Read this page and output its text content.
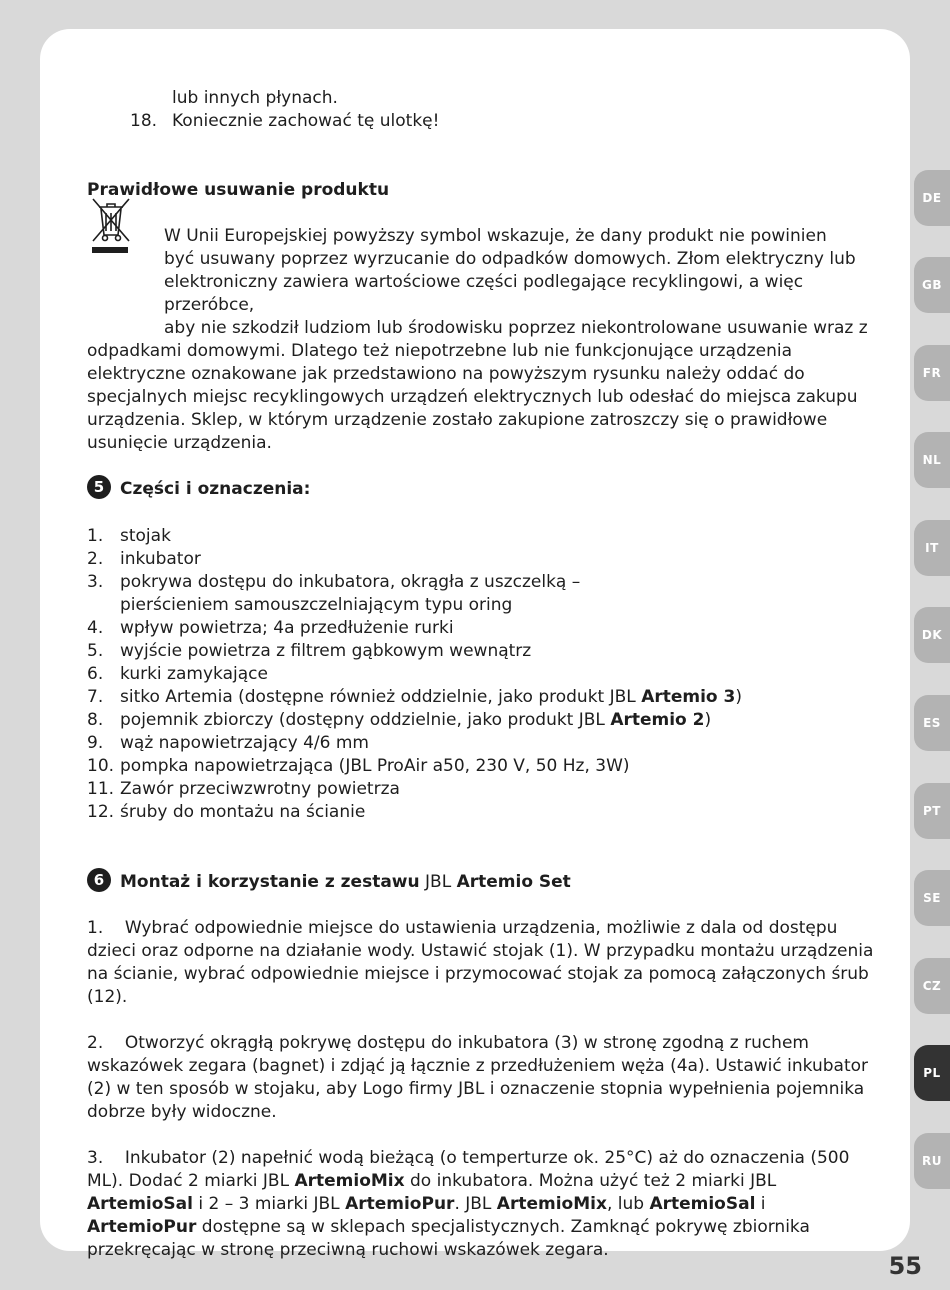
lub innych płynach.

18. Koniecznie zachować tę ulotkę!
Prawidłowe usuwanie produktu

W Unii Europejskiej powyższy symbol wskazuje, że dany produkt nie powinien

być usuwany poprzez wyrzucanie do odpadków domowych. Złom elektryczny lub

elektroniczny zawiera wartościowe części podlegające recyklingowi, a więc przeróbce,

aby nie szkodził ludziom lub środowisku poprzez niekontrolowane usuwanie wraz z

odpadkami domowymi. Dlatego też niepotrzebne lub nie funkcjonujące urządzenia elektryczne oznakowane jak przedstawiono na powyższym rysunku należy oddać do specjalnych miejsc recyklingowych urządzeń elektrycznych lub odesłać do miejsca zakupu urządzenia. Sklep, w którym urządzenie zostało zakupione zatroszczy się o prawidłowe usunięcie urządzenia.

5 Części i oznaczenia:
1. stojak
2. inkubator
3. pokrywa dostępu do inkubatora, okrągła z uszczelką – pierścieniem samouszczelniającym typu oring
4. wpływ powietrza; 4a przedłużenie rurki
5. wyjście powietrza z filtrem gąbkowym wewnątrz
6. kurki zamykające
7. sitko Artemia (dostępne również oddzielnie, jako produkt JBL Artemio 3)
8. pojemnik zbiorczy (dostępny oddzielnie, jako produkt JBL Artemio 2)
9. wąż napowietrzający 4/6 mm
10. pompka napowietrzająca (JBL ProAir a50, 230 V, 50 Hz, 3W)
11. Zawór przeciwzwrotny powietrza
12. śruby do montażu na ścianie
6 Montaż i korzystanie z zestawu JBL Artemio Set

1.    Wybrać odpowiednie miejsce do ustawienia urządzenia, możliwie z dala od dostępu dzieci oraz odporne na działanie wody. Ustawić stojak (1). W przypadku montażu urządzenia na ścianie, wybrać odpowiednie miejsce i przymocować stojak za pomocą załączonych śrub (12).

2.    Otworzyć okrągłą pokrywę dostępu do inkubatora (3) w stronę zgodną z ruchem wskazówek zegara (bagnet) i zdjąć ją łącznie z przedłużeniem węża (4a). Ustawić inkubator (2) w ten sposób w stojaku, aby Logo firmy JBL i oznaczenie stopnia wypełnienia pojemnika dobrze były widoczne.

3.    Inkubator (2) napełnić wodą bieżącą (o temperturze ok. 25°C) aż do oznaczenia (500 ML). Dodać 2 miarki JBL ArtemioMix do inkubatora. Można użyć też 2 miarki JBL ArtemioSal i 2 – 3 miarki JBL ArtemioPur. JBL ArtemioMix, lub ArtemioSal i ArtemioPur dostępne są w sklepach specjalistycznych. Zamknąć pokrywę zbiornika przekręcając w stronę przeciwną ruchowi wskazówek zegara.

DE
GB
FR
NL
IT
DK
ES
PT
SE
CZ
PL
RU
55
